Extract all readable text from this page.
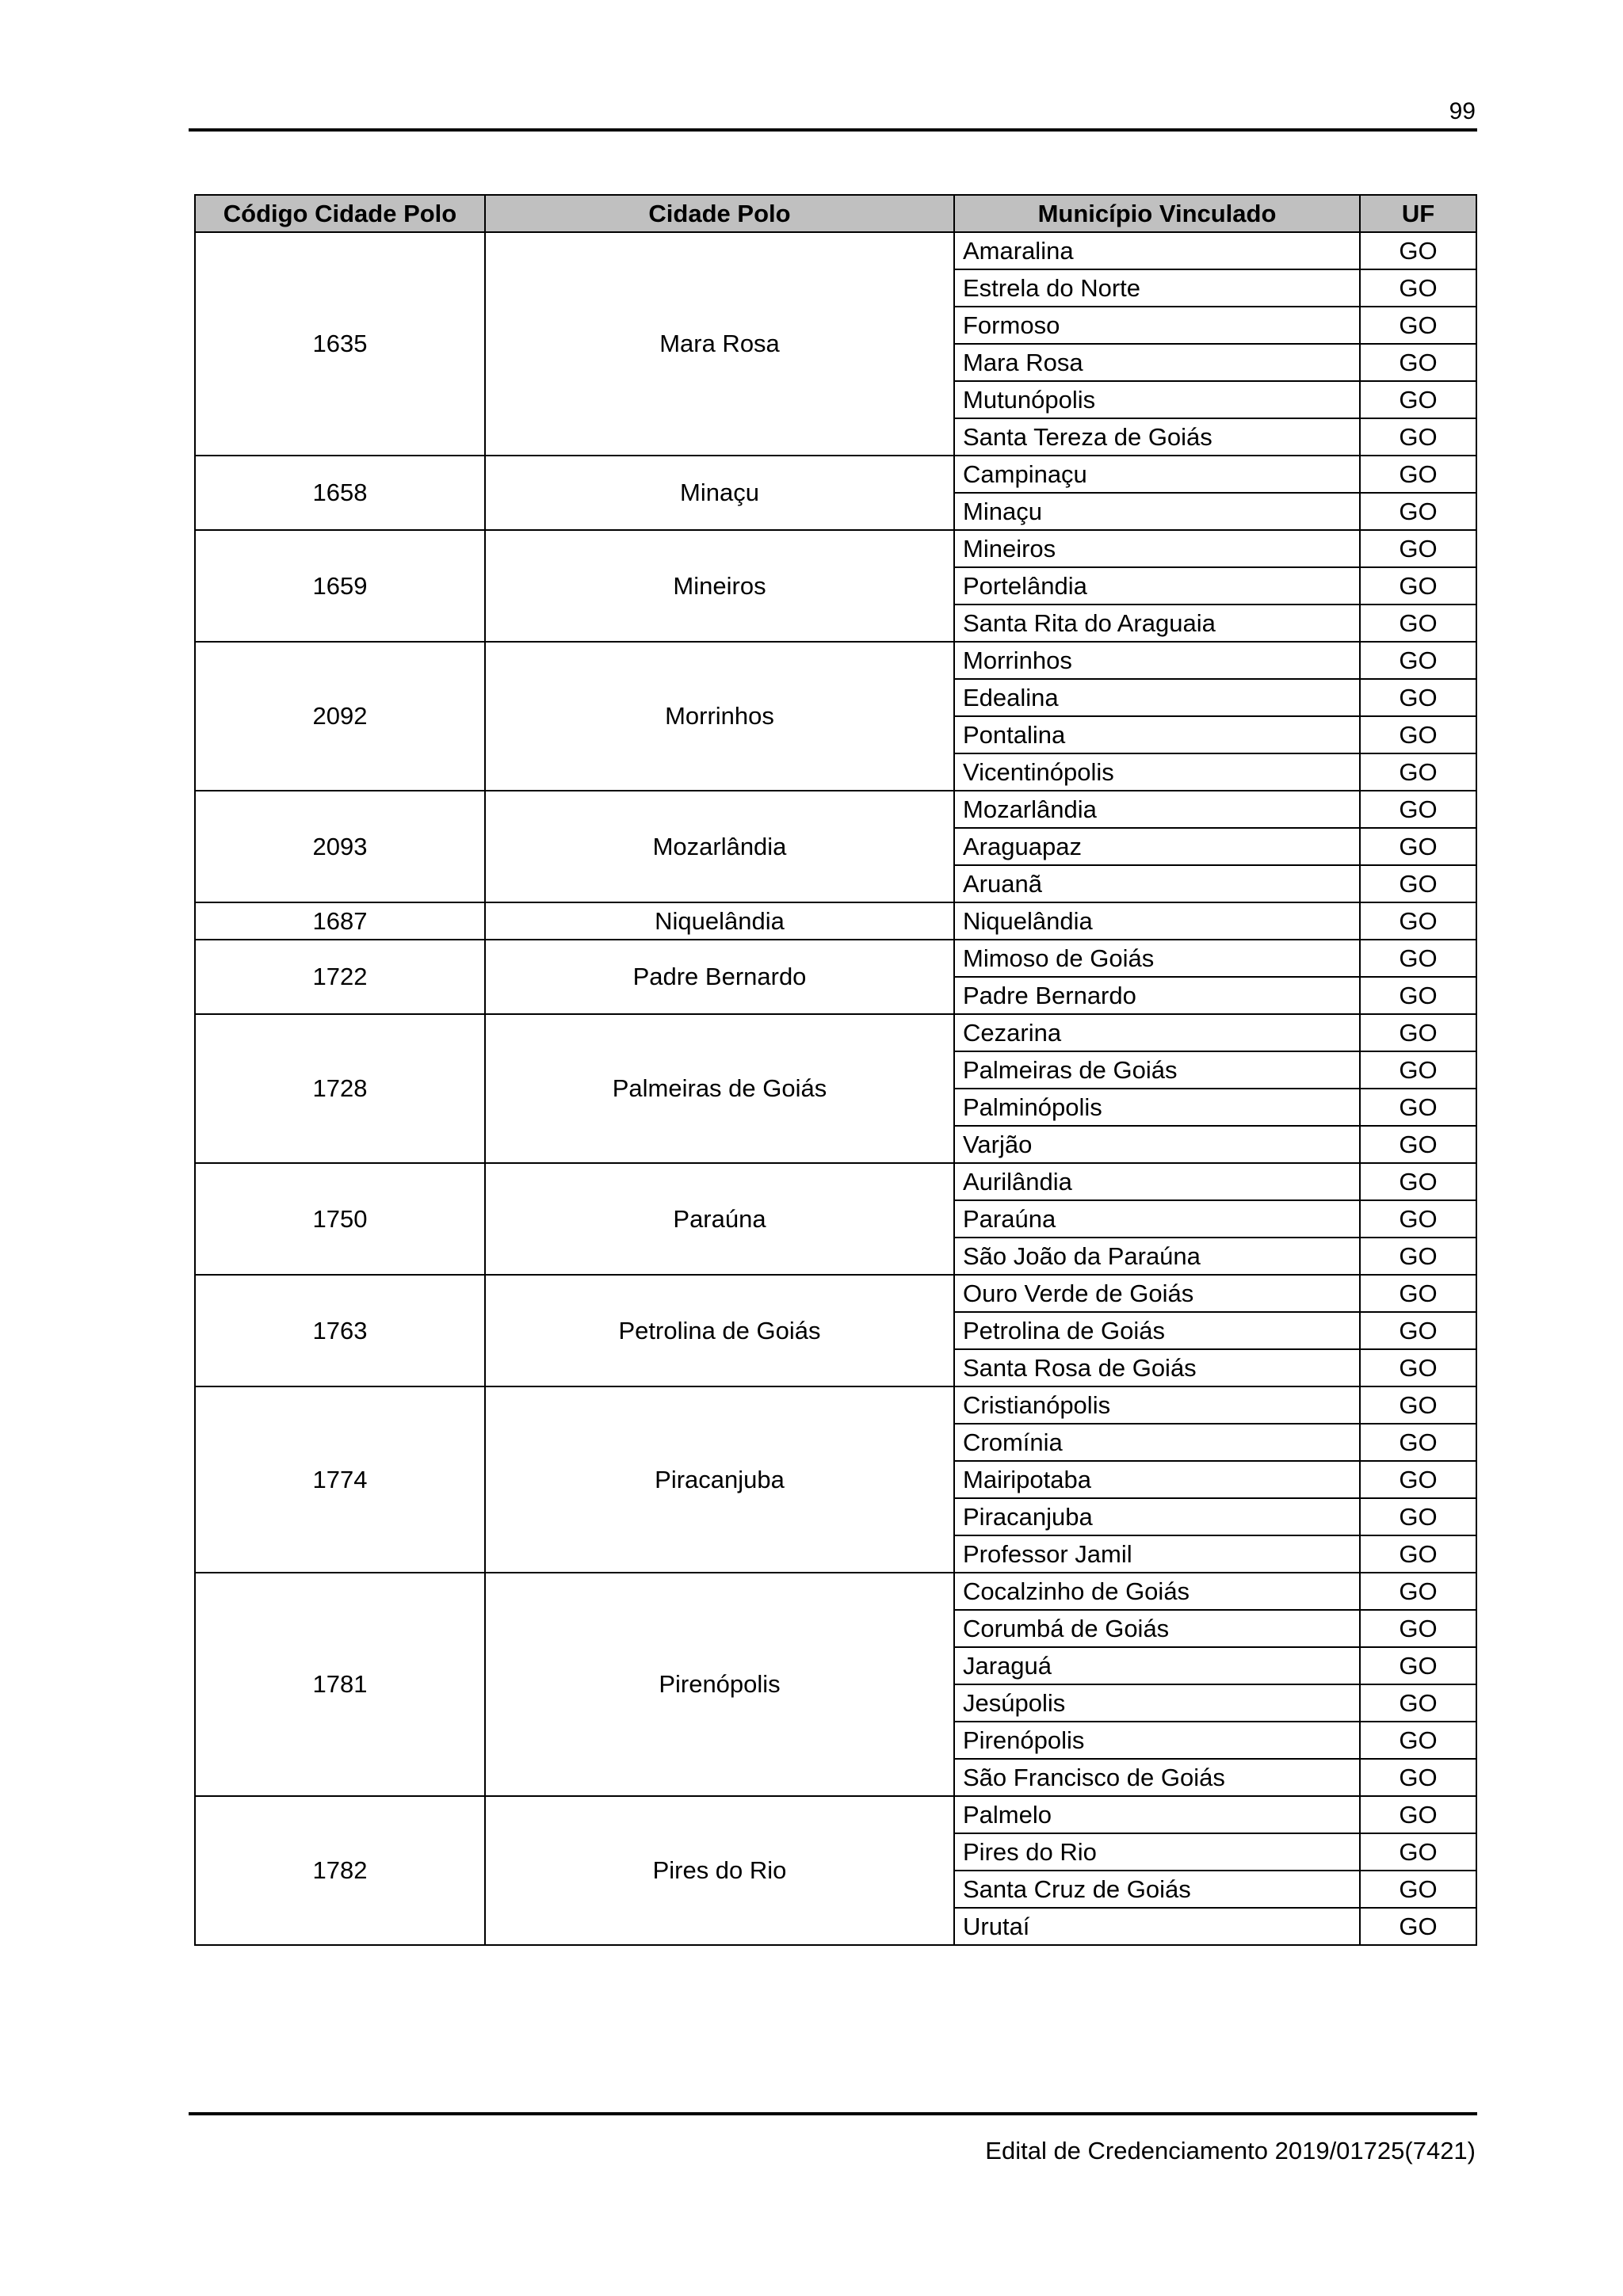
99
Código Cidade Polo	Cidade Polo	Município Vinculado	UF
1635	Mara Rosa	Amaralina	GO
		Estrela do Norte	GO
		Formoso	GO
		Mara Rosa	GO
		Mutunópolis	GO
		Santa Tereza de Goiás	GO
1658	Minaçu	Campinaçu	GO
		Minaçu	GO
1659	Mineiros	Mineiros	GO
		Portelândia	GO
		Santa Rita do Araguaia	GO
2092	Morrinhos	Morrinhos	GO
		Edealina	GO
		Pontalina	GO
		Vicentinópolis	GO
2093	Mozarlândia	Mozarlândia	GO
		Araguapaz	GO
		Aruanã	GO
1687	Niquelândia	Niquelândia	GO
1722	Padre Bernardo	Mimoso de Goiás	GO
		Padre Bernardo	GO
1728	Palmeiras de Goiás	Cezarina	GO
		Palmeiras de Goiás	GO
		Palminópolis	GO
		Varjão	GO
1750	Paraúna	Aurilândia	GO
		Paraúna	GO
		São João da Paraúna	GO
1763	Petrolina de Goiás	Ouro Verde de Goiás	GO
		Petrolina de Goiás	GO
		Santa Rosa de Goiás	GO
1774	Piracanjuba	Cristianópolis	GO
		Cromínia	GO
		Mairipotaba	GO
		Piracanjuba	GO
		Professor Jamil	GO
1781	Pirenópolis	Cocalzinho de Goiás	GO
		Corumbá de Goiás	GO
		Jaraguá	GO
		Jesúpolis	GO
		Pirenópolis	GO
		São Francisco de Goiás	GO
1782	Pires do Rio	Palmelo	GO
		Pires do Rio	GO
		Santa Cruz de Goiás	GO
		Urutaí	GO
Edital de Credenciamento 2019/01725(7421)
